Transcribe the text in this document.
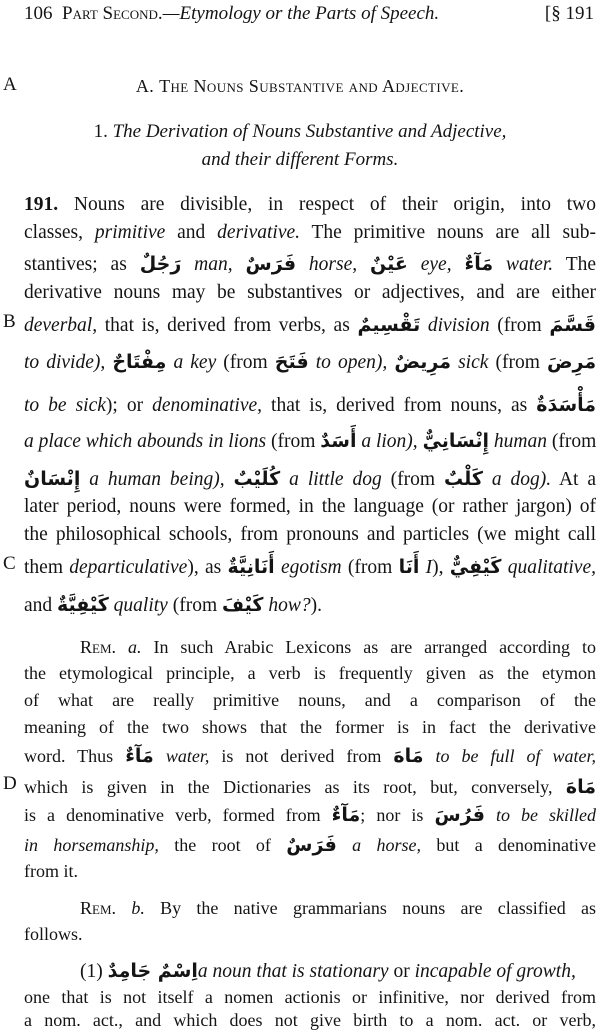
106 Part Second.—Etymology or the Parts of Speech.	[§ 191
A
B
C
D
A. The Nouns Substantive and Adjective.
1. The Derivation of Nouns Substantive and Adjective,
and their different Forms.
191. Nouns are divisible, in respect of their origin, into two
classes, primitive and derivative. The primitive nouns are all sub-
stantives; as رَجُلٌ man, فَرَسٌ horse, عَيْنٌ eye, مَآءٌ water. The
derivative nouns may be substantives or adjectives, and are either
deverbal, that is, derived from verbs, as تَقْسِيمٌ division (from قَسَّمَ
to divide), مِفْتَاحٌ a key (from فَتَحَ to open), مَرِيضٌ sick (from مَرِضَ
to be sick); or denominative, that is, derived from nouns, as مَأْسَدَةٌ
a place which abounds in lions (from أَسَدٌ a lion), إِنْسَانِيٌّ human (from
إِنْسَانٌ a human being), كُلَيْبٌ a little dog (from كَلْبٌ a dog). At a
later period, nouns were formed, in the language (or rather jargon) of
the philosophical schools, from pronouns and particles (we might call
them departiculative), as أَنَانِيَّةٌ egotism (from أَنَا I), كَيْفِيٌّ qualitative,
and كَيْفِيَّةٌ quality (from كَيْفَ how?).
Rem. a. In such Arabic Lexicons as are arranged according to
the etymological principle, a verb is frequently given as the etymon
of what are really primitive nouns, and a comparison of the
meaning of the two shows that the former is in fact the derivative
word. Thus مَآءٌ water, is not derived from مَاهَ to be full of water,
which is given in the Dictionaries as its root, but, conversely, مَاهَ
is a denominative verb, formed from مَآءٌ; nor is فَرُسَ to be skilled
in horsemanship, the root of فَرَسٌ a horse, but a denominative
from it.
Rem. b. By the native grammarians nouns are classified as
follows.
(1) اِسْمٌ جَامِدٌa noun that is stationary or incapable of growth,
one that is not itself a nomen actionis or infinitive, nor derived from
a nom. act., and which does not give birth to a nom. act. or verb,
